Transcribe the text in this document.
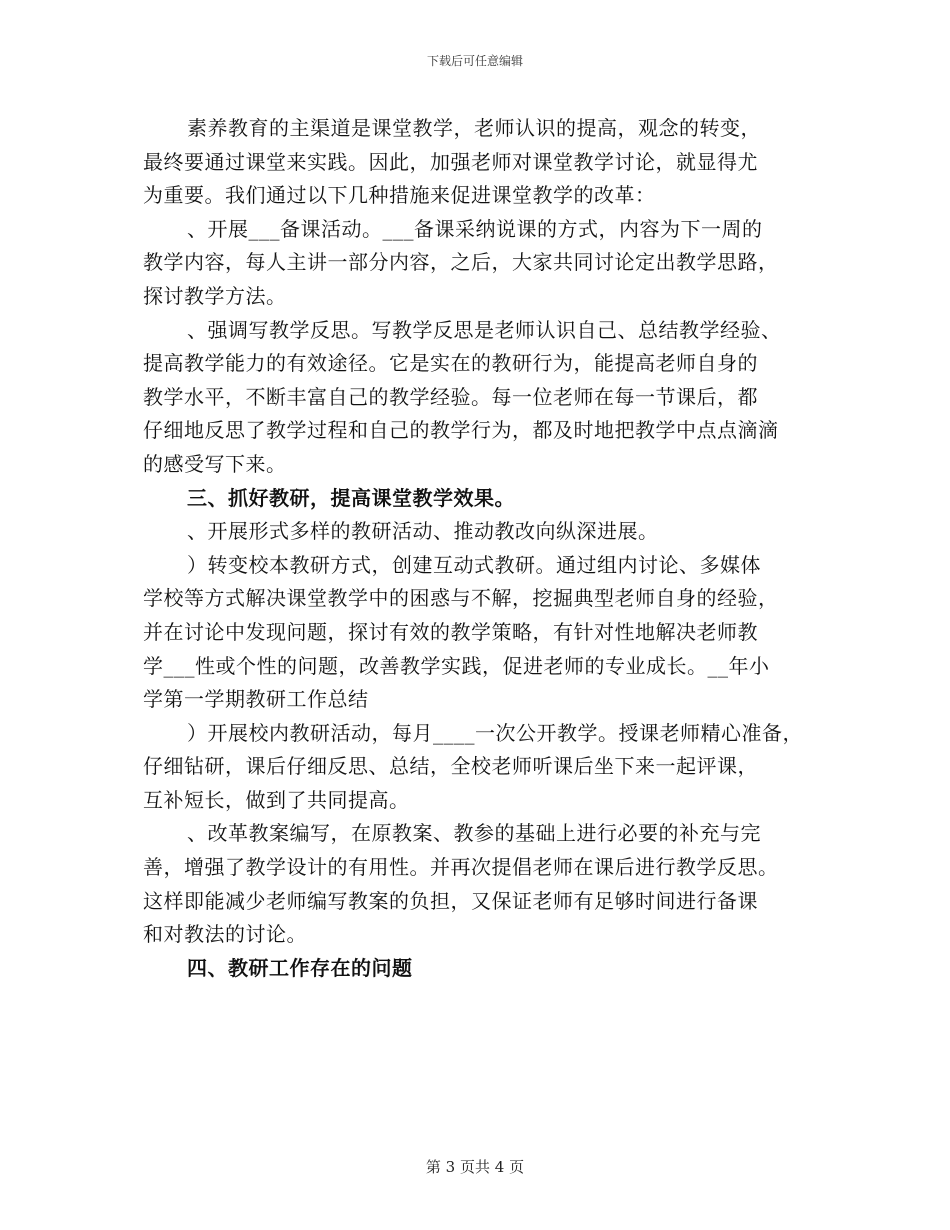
下载后可任意编辑
素养教育的主渠道是课堂教学，老师认识的提高，观念的转变，
最终要通过课堂来实践。因此，加强老师对课堂教学讨论，就显得尤
为重要。我们通过以下几种措施来促进课堂教学的改革：
、开展___备课活动。___备课采纳说课的方式，内容为下一周的
教学内容，每人主讲一部分内容，之后，大家共同讨论定出教学思路，
探讨教学方法。
、强调写教学反思。写教学反思是老师认识自己、总结教学经验、
提高教学能力的有效途径。它是实在的教研行为，能提高老师自身的
教学水平，不断丰富自己的教学经验。每一位老师在每一节课后，都
仔细地反思了教学过程和自己的教学行为，都及时地把教学中点点滴滴
的感受写下来。
三、抓好教研，提高课堂教学效果。
、开展形式多样的教研活动、推动教改向纵深进展。
）转变校本教研方式，创建互动式教研。通过组内讨论、多媒体
学校等方式解决课堂教学中的困惑与不解，挖掘典型老师自身的经验，
并在讨论中发现问题，探讨有效的教学策略，有针对性地解决老师教
学___性或个性的问题，改善教学实践，促进老师的专业成长。__年小
学第一学期教研工作总结
）开展校内教研活动，每月____一次公开教学。授课老师精心准备，
仔细钻研，课后仔细反思、总结，全校老师听课后坐下来一起评课，
互补短长，做到了共同提高。
、改革教案编写，在原教案、教参的基础上进行必要的补充与完
善，增强了教学设计的有用性。并再次提倡老师在课后进行教学反思。
这样即能减少老师编写教案的负担，又保证老师有足够时间进行备课
和对教法的讨论。
四、教研工作存在的问题
第 3 页共 4 页
